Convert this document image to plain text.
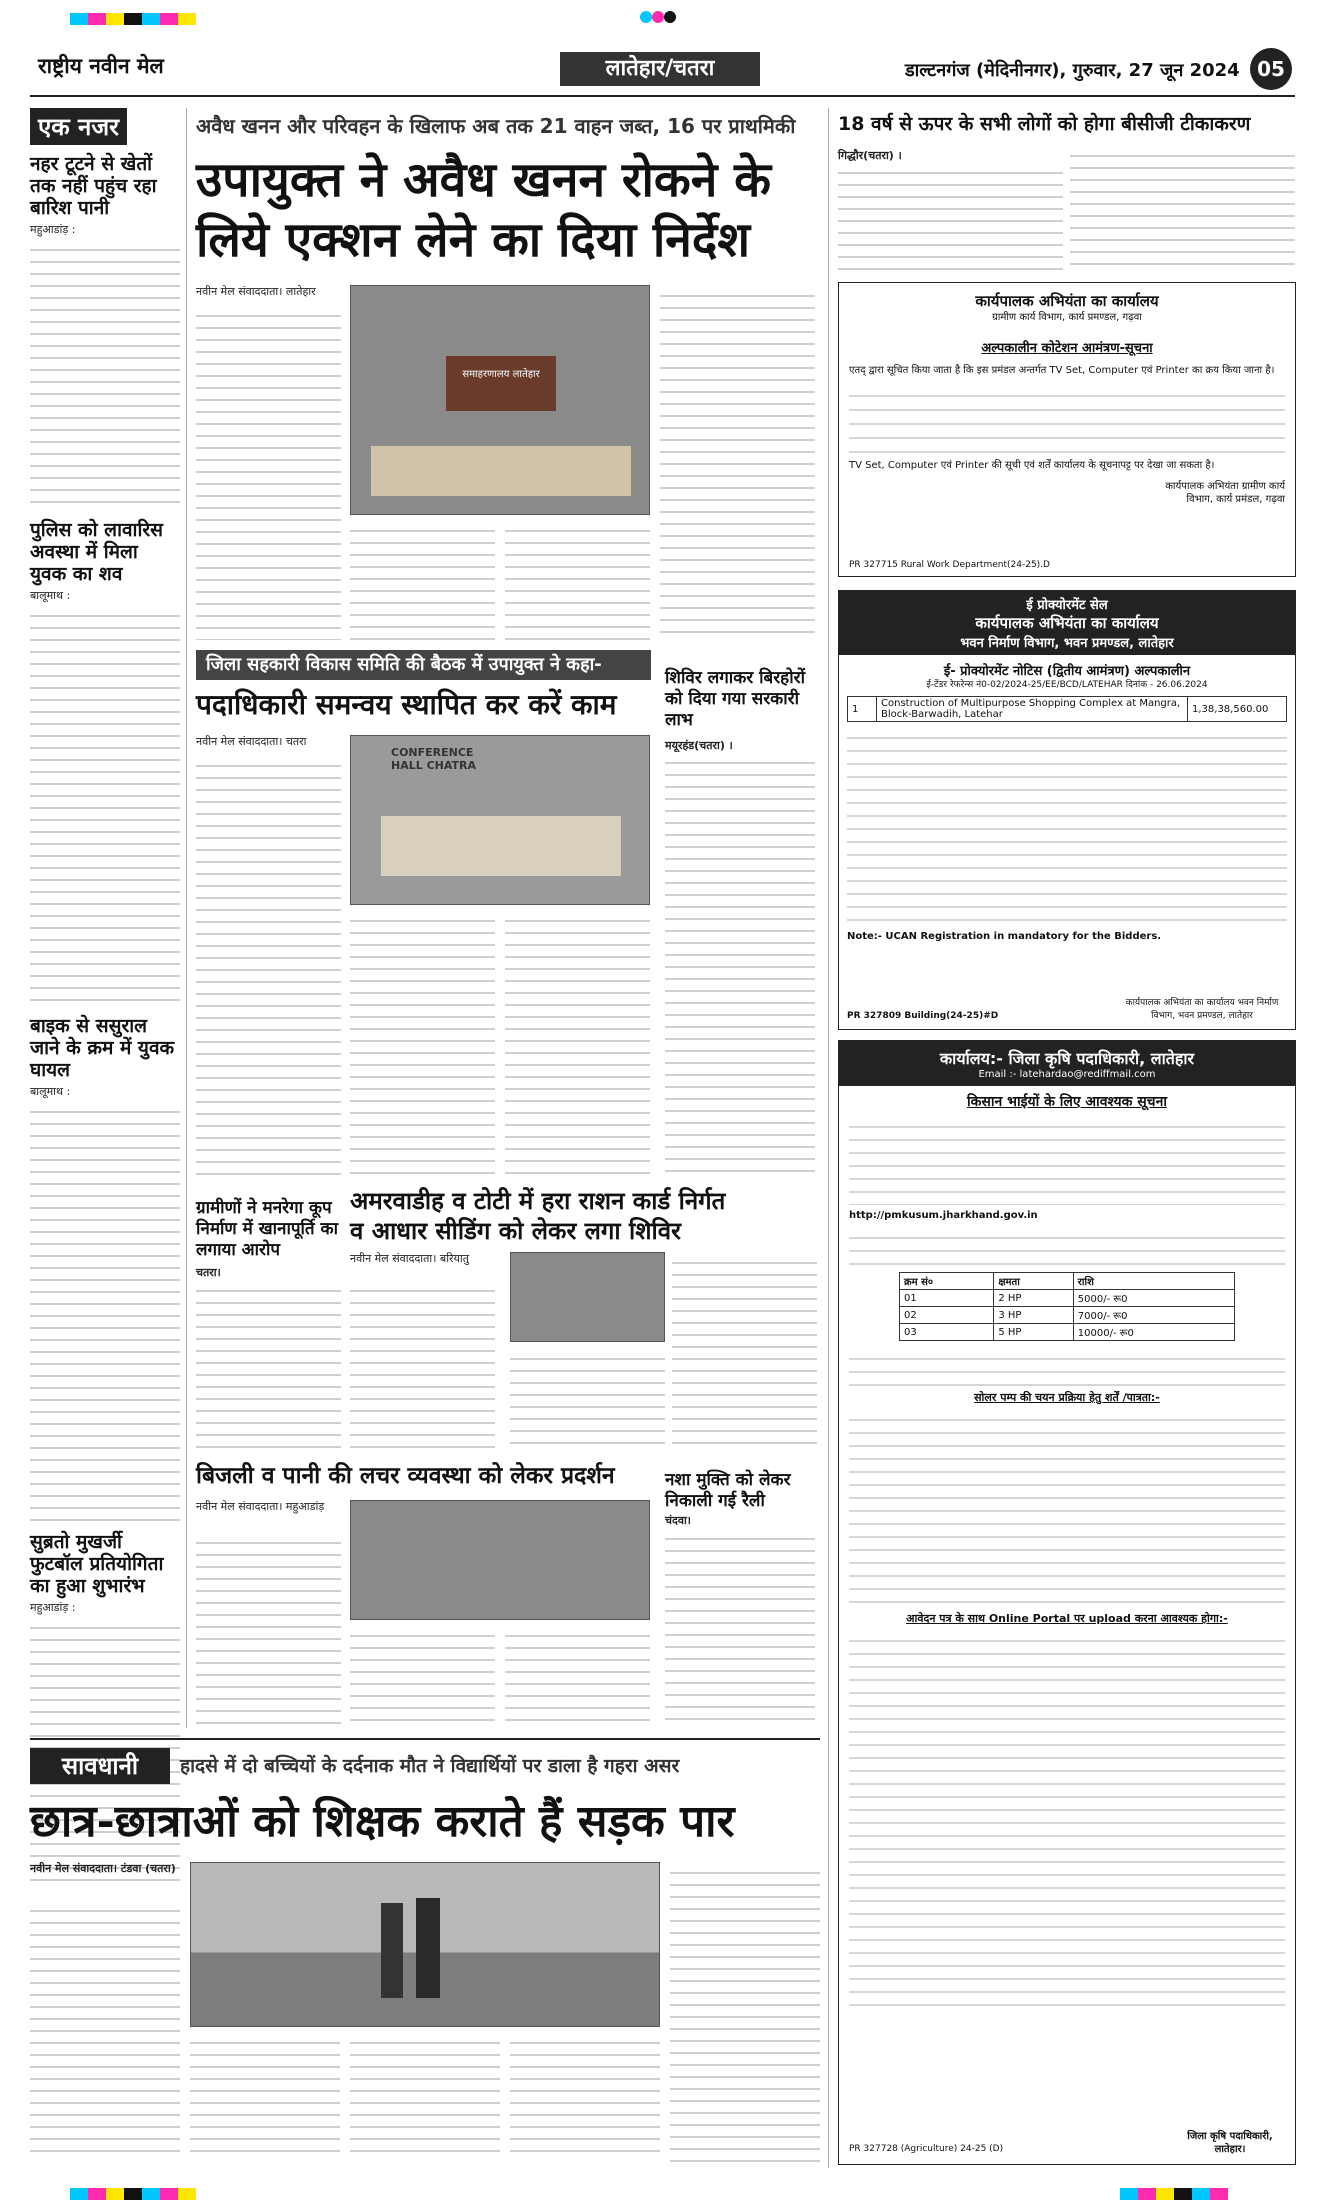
राष्ट्रीय नवीन मेल	लातेहार/चतरा	डाल्टनगंज (मेदिनीनगर), गुरुवार, 27 जून 2024 05
एक नजर
नहर टूटने से खेतों तक नहीं पहुंच रहा बारिश पानी
महुआडांड़ :
पुलिस को लावारिस अवस्था में मिला युवक का शव
बालूमाथ :
बाइक से ससुराल जाने के क्रम में युवक घायल
बालूमाथ :
सुब्रतो मुखर्जी फुटबॉल प्रतियोगिता का हुआ शुभारंभ
महुआडांड़ :
अवैध खनन और परिवहन के खिलाफ अब तक 21 वाहन जब्त, 16 पर प्राथमिकी
उपायुक्त ने अवैध खनन रोकने के
लिये एक्शन लेने का दिया निर्देश
नवीन मेल संवाददाता। लातेहार
समाहरणालय लातेहार
जिला सहकारी विकास समिति की बैठक में उपायुक्त ने कहा-
पदाधिकारी समन्वय स्थापित कर करें काम
नवीन मेल संवाददाता। चतरा
CONFERENCE HALL CHATRA
शिविर लगाकर बिरहोरों को दिया गया सरकारी लाभ
मयूरहंड(चतरा) ।
ग्रामीणों ने मनरेगा कूप निर्माण में खानापूर्ति का लगाया आरोप
चतरा।
अमरवाडीह व टोटी में हरा राशन कार्ड निर्गत
व आधार सीडिंग को लेकर लगा शिविर
नवीन मेल संवाददाता। बरियातु
बिजली व पानी की लचर व्यवस्था को लेकर प्रदर्शन
नवीन मेल संवाददाता। महुआडांड़
नशा मुक्ति को लेकर निकाली गई रैली
चंदवा।
सावधानी	हादसे में दो बच्चियों के दर्दनाक मौत ने विद्यार्थियों पर डाला है गहरा असर
छात्र-छात्राओं को शिक्षक कराते हैं सड़क पार
नवीन मेल संवाददाता। टंडवा (चतरा)
18 वर्ष से ऊपर के सभी लोगों को होगा बीसीजी टीकाकरण
गिद्धौर(चतरा) ।
कार्यपालक अभियंता का कार्यालय
ग्रामीण कार्य विभाग, कार्य प्रमण्डल, गढ़वा
अल्पकालीन कोटेशन आमंत्रण-सूचना
एतद् द्वारा सूचित किया जाता है कि इस प्रमंडल अन्तर्गत TV Set, Computer एवं Printer का क्रय किया जाना है।
TV Set, Computer एवं Printer की सूची एवं शर्तें कार्यालय के सूचनापट्ट पर देखा जा सकता है।
कार्यपालक अभियंता ग्रामीण कार्य विभाग, कार्य प्रमंडल, गढ़वा
PR 327715 Rural Work Department(24-25).D
ई प्रोक्योरमेंट सेल
कार्यपालक अभियंता का कार्यालय
भवन निर्माण विभाग, भवन प्रमण्डल, लातेहार
ई- प्रोक्योरमेंट नोटिस (द्वितीय आमंत्रण) अल्पकालीन
ई-टेंडर रेफरेन्स नं0-02/2024-25/EE/BCD/LATEHAR दिनांक - 26.06.2024
1	Construction of Multipurpose Shopping Complex at Mangra, Block-Barwadih, Latehar	1,38,38,560.00
Note:- UCAN Registration in mandatory for the Bidders.
PR 327809 Building(24-25)#D
कार्यपालक अभियंता का कार्यालय भवन निर्माण विभाग, भवन प्रमण्डल, लातेहार
कार्यालय:- जिला कृषि पदाधिकारी, लातेहार
Email :- latehardao@rediffmail.com
किसान भाईयों के लिए आवश्यक सूचना
http://pmkusum.jharkhand.gov.in
क्रम सं०	क्षमता	राशि
01	2 HP	5000/- रू0
02	3 HP	7000/- रू0
03	5 HP	10000/- रू0
सोलर पम्प की चयन प्रक्रिया हेतु शर्तें /पात्रता:-
आवेदन पत्र के साथ Online Portal पर upload करना आवश्यक होगा:-
PR 327728 (Agriculture) 24-25 (D)
जिला कृषि पदाधिकारी, लातेहार।
